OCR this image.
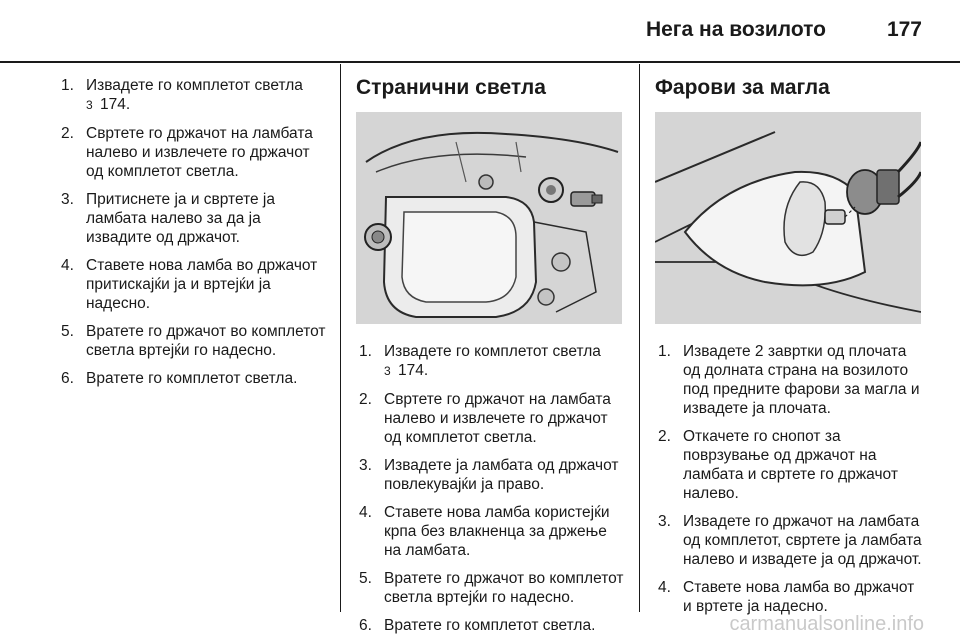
Нега на возилото	177
1. Извадете го комплетот светла
3 174.
2. Свртете го држачот на ламбата налево и извлечете го држачот од комплетот светла.
3. Притиснете ја и свртете ја ламбата налево за да ја извадите од држачот.
4. Ставете нова ламба во држачот притискајќи ја и вртејќи ја надесно.
5. Вратете го држачот во комплетот светла вртејќи го надесно.
6. Вратете го комплетот светла.
Странични светла
1. Извадете го комплетот светла
3 174.
2. Свртете го држачот на ламбата налево и извлечете го држачот од комплетот светла.
3. Извадете ја ламбата од држачот повлекувајќи ја право.
4. Ставете нова ламба користејќи крпа без влакненца за држење на ламбата.
5. Вратете го држачот во комплетот светла вртејќи го надесно.
6. Вратете го комплетот светла.
Фарови за магла
1. Извадете 2 завртки од плочата од долната страна на возилото под предните фарови за магла и извадете ја плочата.
2. Откачете го снопот за поврзување од држачот на ламбата и свртете го држачот налево.
3. Извадете го држачот на ламбата од комплетот, свртете ја ламбата налево и извадете ја од држачот.
4. Ставете нова ламба во држачот и вртете ја надесно.
carmanualsonline.info
